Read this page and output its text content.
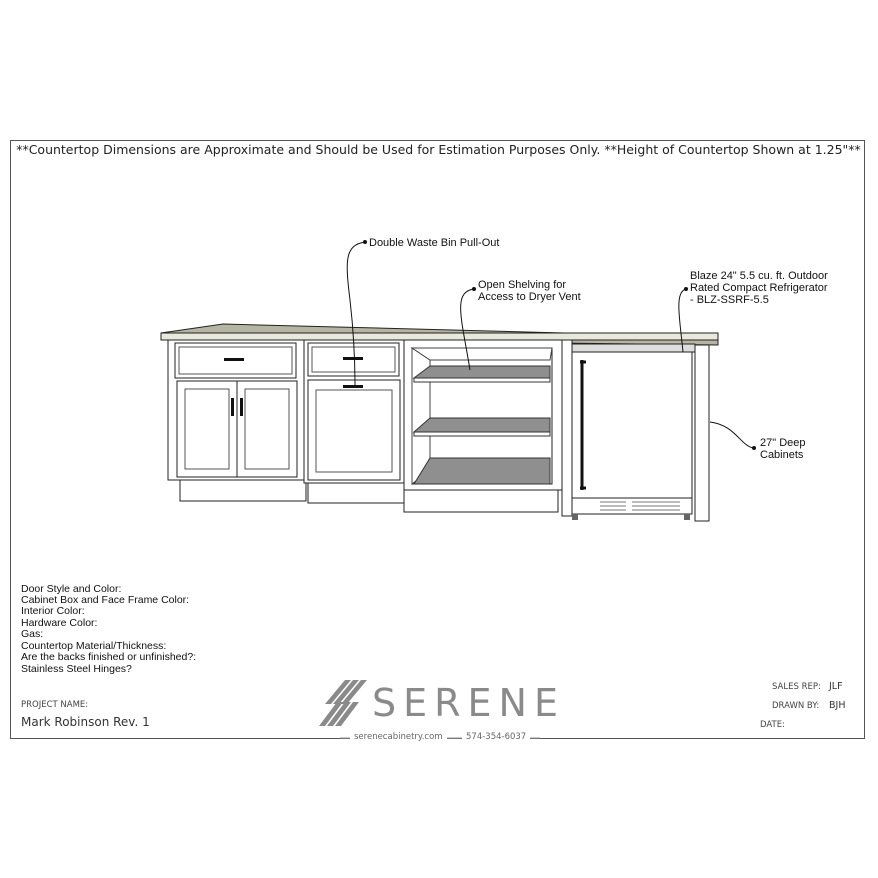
**Countertop Dimensions are Approximate and Should be Used for Estimation Purposes Only. **Height of Countertop Shown at 1.25"**
Double Waste Bin Pull-Out
Open Shelving for
Access to Dryer Vent
Blaze 24" 5.5 cu. ft. Outdoor
Rated Compact Refrigerator
- BLZ-SSRF-5.5
27" Deep
Cabinets
Door Style and Color:
Cabinet Box and Face Frame Color:
Interior Color:
Hardware Color:
Gas:
Countertop Material/Thickness:
Are the backs finished or unfinished?:
Stainless Steel Hinges?
PROJECT NAME:
Mark Robinson Rev. 1	SERENE	SALES REP: JLF
DRAWN BY: BJH
DATE:
serenecabinetry.com	574-354-6037
